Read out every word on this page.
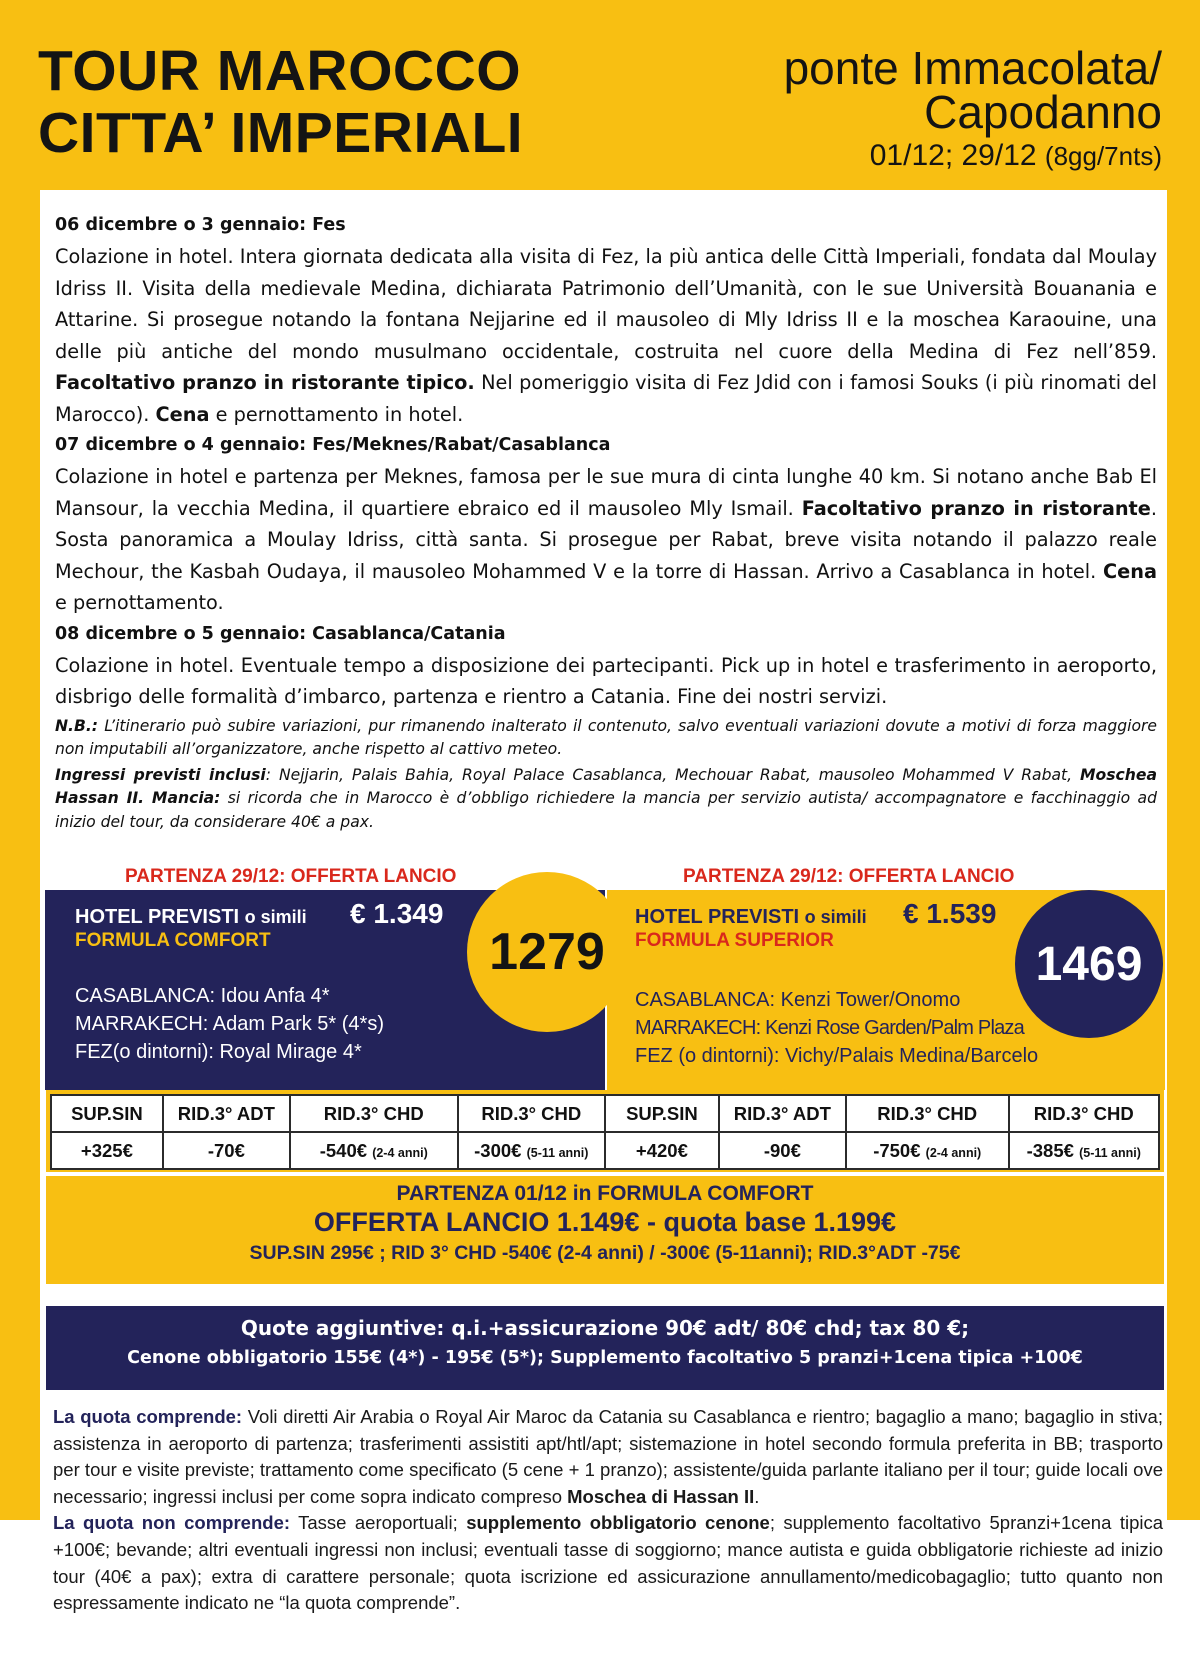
TOUR MAROCCO
CITTA’ IMPERIALI
ponte Immacolata/
Capodanno
01/12; 29/12 (8gg/7nts)
06 dicembre o 3 gennaio: Fes
Colazione in hotel. Intera giornata dedicata alla visita di Fez, la più antica delle Città Imperiali, fondata dal Moulay Idriss II. Visita della medievale Medina, dichiarata Patrimonio dell’Umanità, con le sue Università Bouanania e Attarine. Si prosegue notando la fontana Nejjarine ed il mausoleo di Mly Idriss II e la moschea Karaouine, una delle più antiche del mondo musulmano occidentale, costruita nel cuore della Medina di Fez nell’859. Facoltativo pranzo in ristorante tipico. Nel pomeriggio visita di Fez Jdid con i famosi Souks (i più rinomati del Marocco). Cena e pernottamento in hotel.
07 dicembre o 4 gennaio: Fes/Meknes/Rabat/Casablanca
Colazione in hotel e partenza per Meknes, famosa per le sue mura di cinta lunghe 40 km. Si notano anche Bab El Mansour, la vecchia Medina, il quartiere ebraico ed il mausoleo Mly Ismail. Facoltativo pranzo in ristorante. Sosta panoramica a Moulay Idriss, città santa. Si prosegue per Rabat, breve visita notando il palazzo reale Mechour, the Kasbah Oudaya, il mausoleo Mohammed V e la torre di Hassan. Arrivo a Casablanca in hotel. Cena e pernottamento.
08 dicembre o 5 gennaio: Casablanca/Catania
Colazione in hotel. Eventuale tempo a disposizione dei partecipanti. Pick up in hotel e trasferimento in aeroporto, disbrigo delle formalità d’imbarco, partenza e rientro a Catania. Fine dei nostri servizi.
N.B.: L’itinerario può subire variazioni, pur rimanendo inalterato il contenuto, salvo eventuali variazioni dovute a motivi di forza maggiore non imputabili all’organizzatore, anche rispetto al cattivo meteo.
Ingressi previsti inclusi: Nejjarin, Palais Bahia, Royal Palace Casablanca, Mechouar Rabat, mausoleo Mohammed V Rabat, Moschea Hassan II. Mancia: si ricorda che in Marocco è d’obbligo richiedere la mancia per servizio autista/ accompagnatore e facchinaggio ad inizio del tour, da considerare 40€ a pax.
PARTENZA 29/12: OFFERTA LANCIO	PARTENZA 29/12: OFFERTA LANCIO
HOTEL PREVISTI o simili € 1.349
FORMULA COMFORT	1279
CASABLANCA: Idou Anfa 4*
MARRAKECH: Adam Park 5* (4*s)
FEZ(o dintorni): Royal Mirage 4*
HOTEL PREVISTI o simili € 1.539
FORMULA SUPERIOR	1469
CASABLANCA: Kenzi Tower/Onomo
MARRAKECH: Kenzi Rose Garden/Palm Plaza
FEZ (o dintorni): Vichy/Palais Medina/Barcelo
SUP.SIN	RID.3° ADT	RID.3° CHD	RID.3° CHD	SUP.SIN	RID.3° ADT	RID.3° CHD	RID.3° CHD
+325€	-70€	-540€ (2-4 anni)	-300€ (5-11 anni)	+420€	-90€	-750€ (2-4 anni)	-385€ (5-11 anni)
PARTENZA 01/12 in FORMULA COMFORT
OFFERTA LANCIO 1.149€ - quota base 1.199€
SUP.SIN 295€ ; RID 3° CHD -540€ (2-4 anni) / -300€ (5-11anni); RID.3°ADT -75€
Quote aggiuntive: q.i.+assicurazione 90€ adt/ 80€ chd; tax 80 €;
Cenone obbligatorio 155€ (4*) - 195€ (5*); Supplemento facoltativo 5 pranzi+1cena tipica +100€
La quota comprende: Voli diretti Air Arabia o Royal Air Maroc da Catania su Casablanca e rientro; bagaglio a mano; bagaglio in stiva; assistenza in aeroporto di partenza; trasferimenti assistiti apt/htl/apt; sistemazione in hotel secondo formula preferita in BB; trasporto per tour e visite previste; trattamento come specificato (5 cene + 1 pranzo); assistente/guida parlante italiano per il tour; guide locali ove necessario; ingressi inclusi per come sopra indicato compreso Moschea di Hassan II.
La quota non comprende: Tasse aeroportuali; supplemento obbligatorio cenone; supplemento facoltativo 5pranzi+1cena tipica +100€; bevande; altri eventuali ingressi non inclusi; eventuali tasse di soggiorno; mance autista e guida obbligatorie richieste ad inizio tour (40€ a pax); extra di carattere personale; quota iscrizione ed assicurazione annullamento/medicobagaglio; tutto quanto non espressamente indicato ne “la quota comprende”.
